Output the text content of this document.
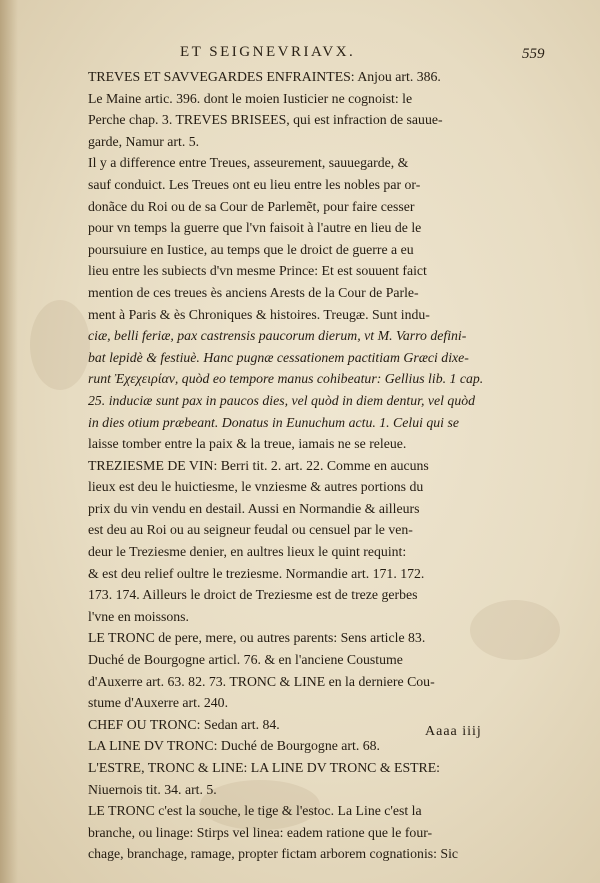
ET SEIGNEVRIAVX.	559
TREVES ET SAVVEGARDES ENFRAINTES: Anjou art. 386.
Le Maine artic. 396. dont le moien Iusticier ne cognoist: le
Perche chap. 3. TREVES BRISEES, qui est infraction de sauue-
garde, Namur art. 5.
Il y a difference entre Treues, asseurement, sauuegarde, &
sauf conduict. Les Treues ont eu lieu entre les nobles par or-
donãce du Roi ou de sa Cour de Parlemẽt, pour faire cesser
pour vn temps la guerre que l'vn faisoit à l'autre en lieu de le
poursuiure en Iustice, au temps que le droict de guerre a eu
lieu entre les subiects d'vn mesme Prince: Et est souuent faict
mention de ces treues ès anciens Arests de la Cour de Parle-
ment à Paris & ès Chroniques & histoires. Treugæ. Sunt indu-
ciæ, belli feriæ, pax castrensis paucorum dierum, vt M. Varro defini-
bat lepidè & festiuè. Hanc pugnæ cessationem pactitiam Græci dixe-
runt Ἐχεχειρίαν, quòd eo tempore manus cohibeatur: Gellius lib. 1 cap.
25. induciæ sunt pax in paucos dies, vel quòd in diem dentur, vel quòd
in dies otium præbeant. Donatus in Eunuchum actu. 1. Celui qui se
laisse tomber entre la paix & la treue, iamais ne se releue.
TREZIESME DE VIN: Berri tit. 2. art. 22. Comme en aucuns
lieux est deu le huictiesme, le vnziesme & autres portions du
prix du vin vendu en destail. Aussi en Normandie & ailleurs
est deu au Roi ou au seigneur feudal ou censuel par le ven-
deur le Treziesme denier, en aultres lieux le quint requint:
& est deu relief oultre le treziesme. Normandie art. 171. 172.
173. 174. Ailleurs le droict de Treziesme est de treze gerbes
l'vne en moissons.
LE TRONC de pere, mere, ou autres parents: Sens article 83.
Duché de Bourgogne articl. 76. & en l'anciene Coustume
d'Auxerre art. 63. 82. 73. TRONC & LINE en la derniere Cou-
stume d'Auxerre art. 240.
CHEF OU TRONC: Sedan art. 84.
LA LINE DV TRONC: Duché de Bourgogne art. 68.
L'ESTRE, TRONC & LINE: LA LINE DV TRONC & ESTRE:
Niuernois tit. 34. art. 5.
LE TRONC c'est la souche, le tige & l'estoc. La Line c'est la
branche, ou linage: Stirps vel linea: eadem ratione que le four-
chage, branchage, ramage, propter fictam arborem cognationis: Sic
Aaaa iiij
